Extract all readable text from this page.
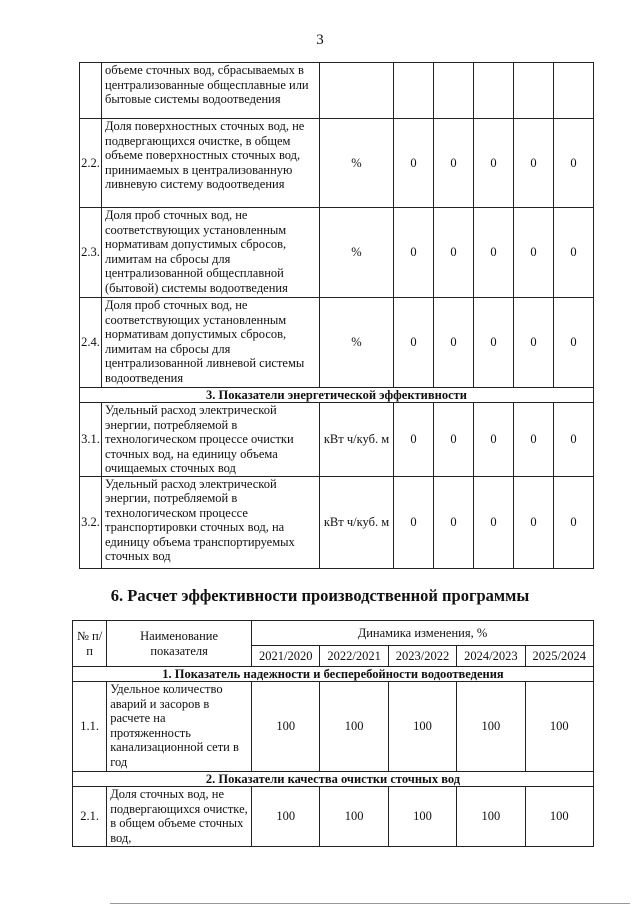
3
	объеме сточных вод, сбрасываемых в централизованные общесплавные или бытовые системы водоотведения						
2.2.	Доля поверхностных сточных вод, не подвергающихся очистке, в общем объеме поверхностных сточных вод, принимаемых в централизованную ливневую систему водоотведения	%	0	0	0	0	0
2.3.	Доля проб сточных вод, не соответствующих установленным нормативам допустимых сбросов, лимитам на сбросы для централизованной общесплавной (бытовой) системы водоотведения	%	0	0	0	0	0
2.4.	Доля проб сточных вод, не соответствующих установленным нормативам допустимых сбросов, лимитам на сбросы для централизованной ливневой системы водоотведения	%	0	0	0	0	0
3. Показатели энергетической эффективности							
3.1.	Удельный расход электрической энергии, потребляемой в технологическом процессе очистки сточных вод, на единицу объема очищаемых сточных вод	кВт ч/куб. м	0	0	0	0	0
3.2.	Удельный расход электрической энергии, потребляемой в технологическом процессе транспортировки сточных вод, на единицу объема транспортируемых сточных вод	кВт ч/куб. м	0	0	0	0	0
6. Расчет эффективности производственной программы
№ п/п	Наименование показателя	Динамика изменения, %				
		2021/2020	2022/2021	2023/2022	2024/2023	2025/2024
1. Показатель надежности и бесперебойности водоотведения						
1.1.	Удельное количество аварий и засоров в расчете на протяженность канализационной сети в год	100	100	100	100	100
2. Показатели качества очистки сточных вод						
2.1.	Доля сточных вод, не подвергающихся очистке, в общем объеме сточных вод,	100	100	100	100	100
